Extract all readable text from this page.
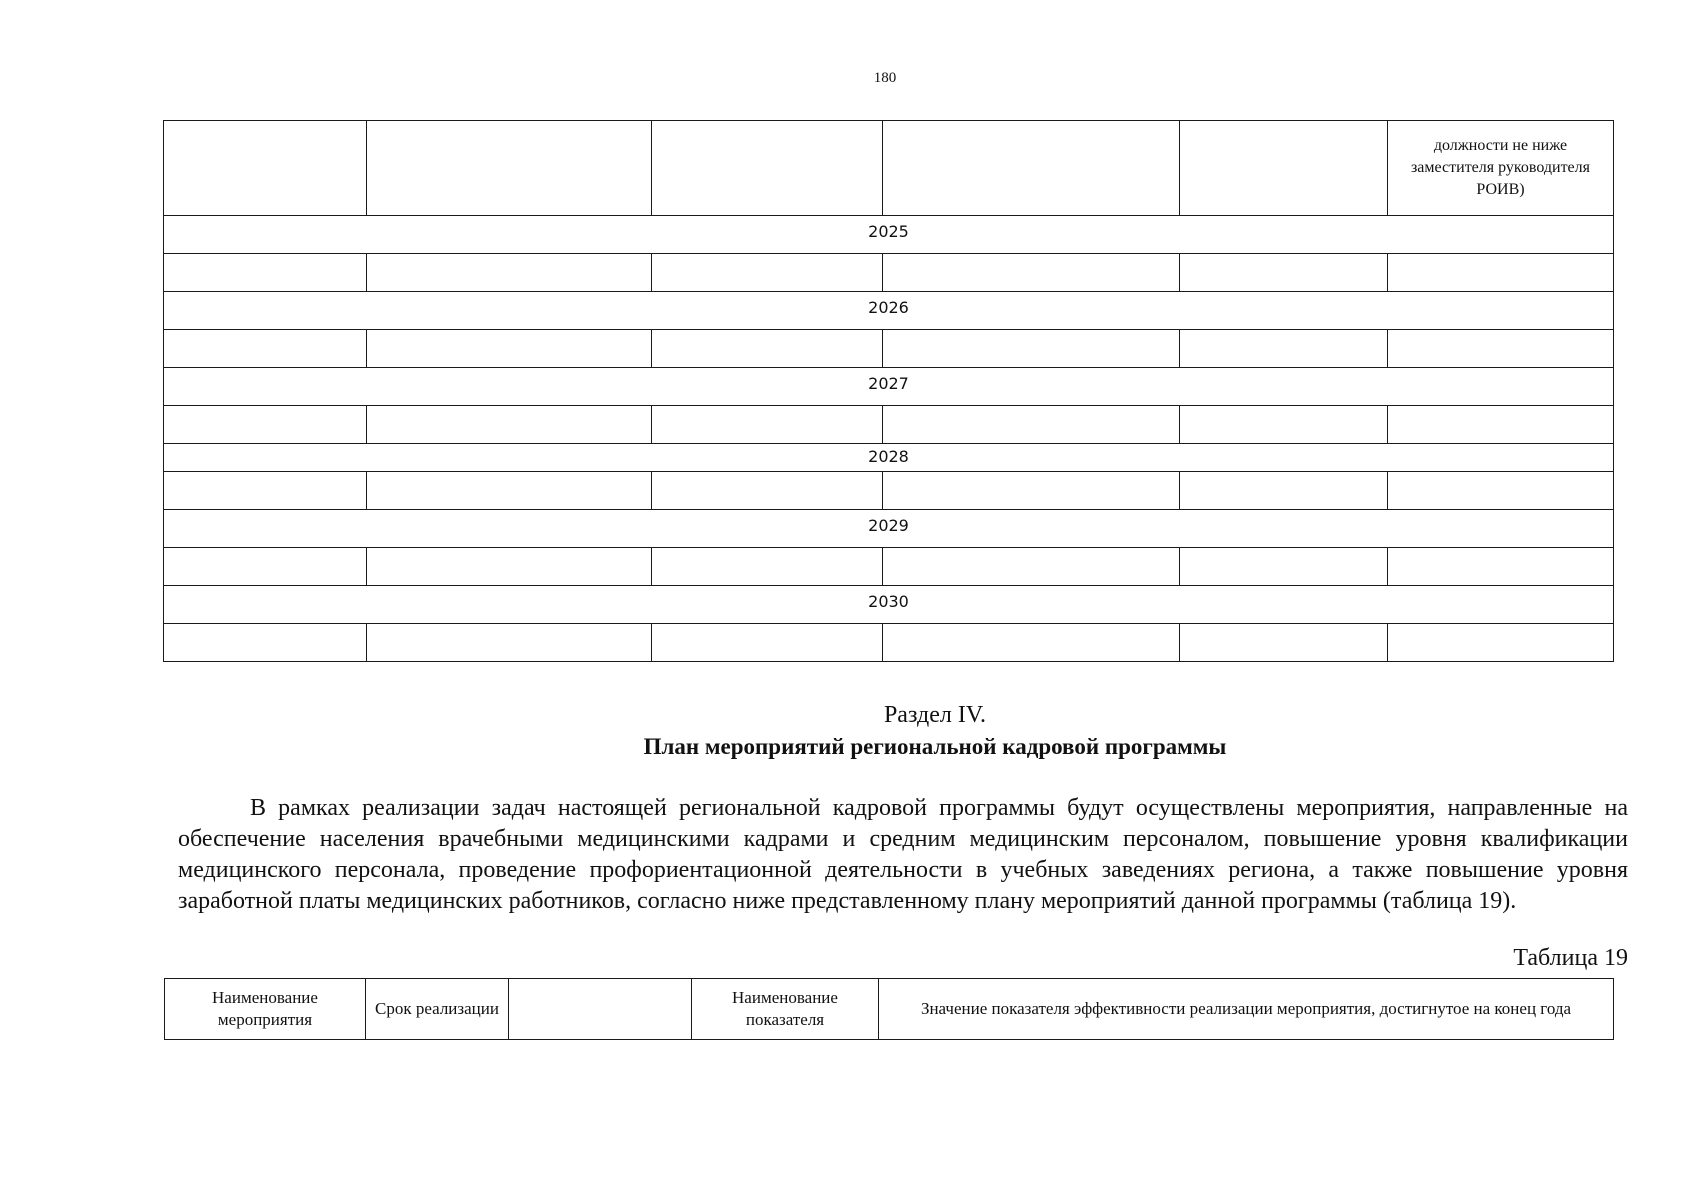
180
					должности не ниже заместителя руководителя РОИВ)
2025					

2026					

2027					

2028					

2029					

2030					

Раздел IV.
План мероприятий региональной кадровой программы
В рамках реализации задач настоящей региональной кадровой программы будут осуществлены мероприятия, направленные на обеспечение населения врачебными медицинскими кадрами и средним медицинским персоналом, повышение уровня квалификации медицинского персонала, проведение профориентационной деятельности в учебных заведениях региона, а также повышение уровня заработной платы медицинских работников, согласно ниже представленному плану мероприятий данной программы (таблица 19).
Таблица 19
Наименование мероприятия	Срок реализации		Наименование показателя	Значение показателя эффективности реализации мероприятия, достигнутое на конец года
